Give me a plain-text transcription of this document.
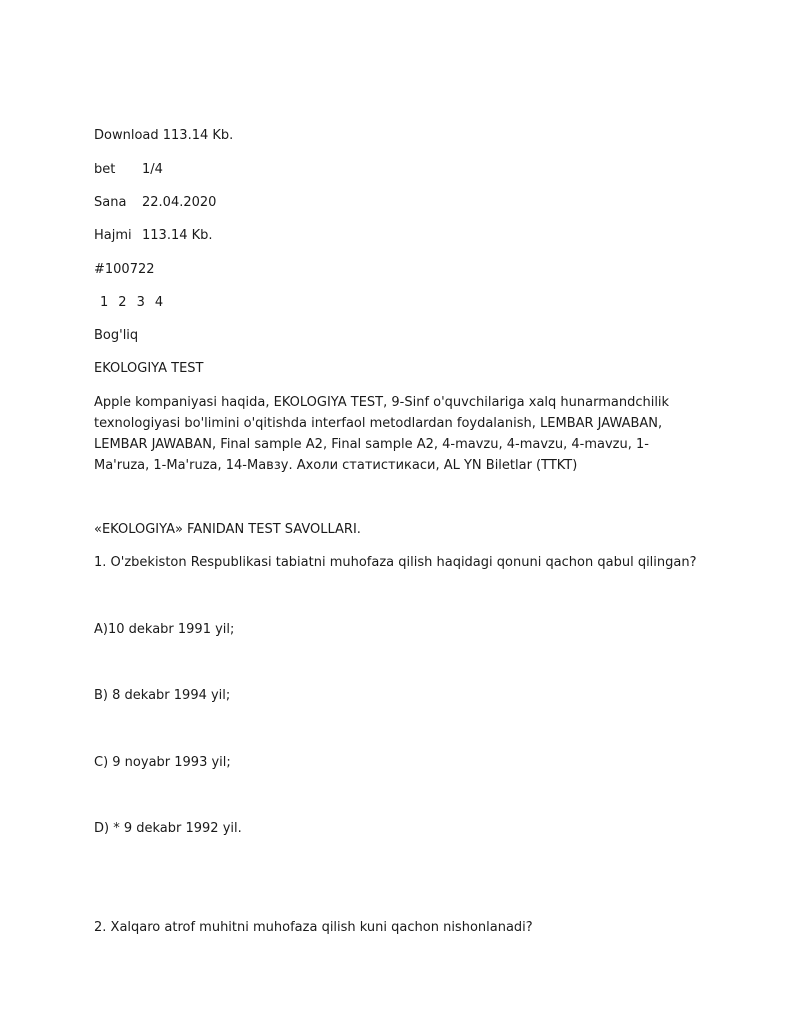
Download 113.14 Kb.

bet	1/4
Sana	22.04.2020
Hajmi 113.14 Kb.

#100722

1 2 3 4

Bog'liq

EKOLOGIYA TEST

Apple kompaniyasi haqida, EKOLOGIYA TEST, 9-Sinf o'quvchilariga xalq hunarmandchilik texnologiyasi bo'limini o'qitishda interfaol metodlardan foydalanish, LEMBAR JAWABAN, LEMBAR JAWABAN, Final sample A2, Final sample A2, 4-mavzu, 4-mavzu, 4-mavzu, 1-Ma'ruza, 1-Ma'ruza, 14-Мавзу. Ахоли статистикаси, AL YN Biletlar (TTKT)

«EKOLOGIYA» FANIDAN TEST SAVOLLARI.

1. O'zbekiston Respublikasi tabiatni muhofaza qilish haqidagi qonuni qachon qabul qilingan?

A)10 dekabr 1991 yil;

B) 8 dekabr 1994 yil;

C) 9 noyabr 1993 yil;

D) * 9 dekabr 1992 yil.

2. Xalqaro atrof muhitni muhofaza qilish kuni qachon nishonlanadi?
